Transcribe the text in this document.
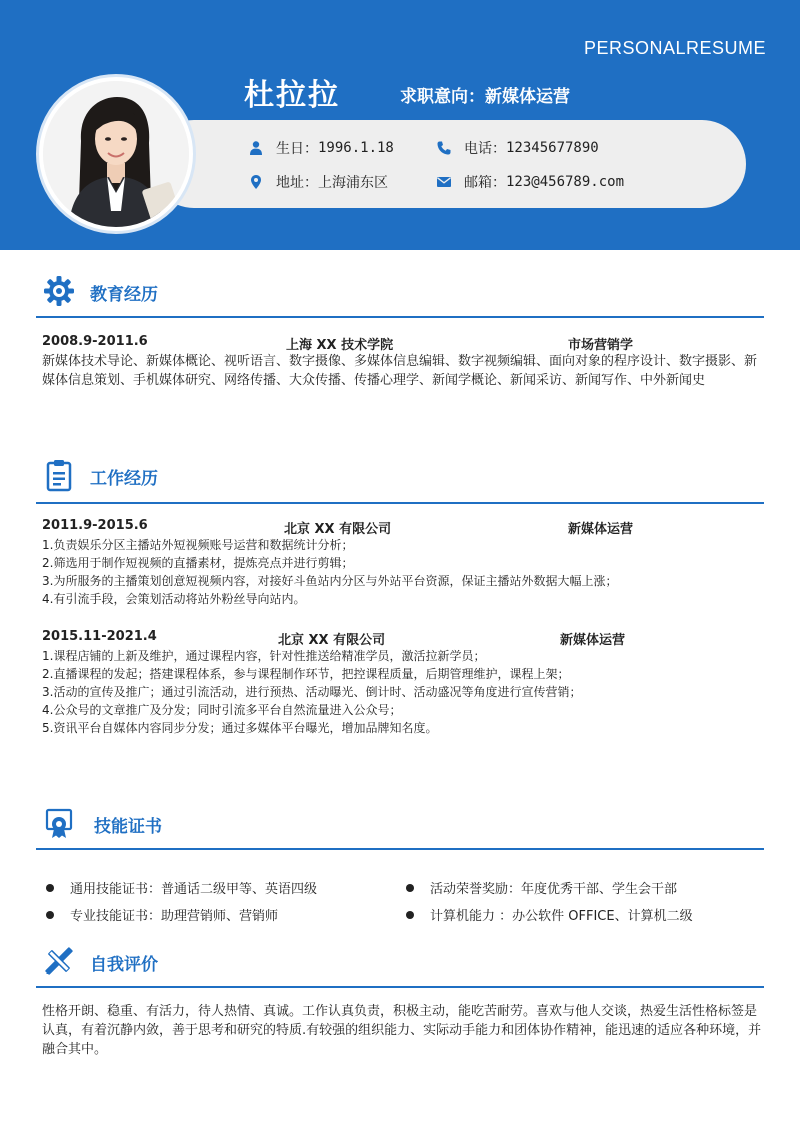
PERSONALRESUME
杜拉拉	求职意向：新媒体运营
生日： 1996.1.18	电话： 12345677890
地址： 上海浦东区	邮箱： 123@456789.com
教育经历
2008.9-2011.6	上海 XX 技术学院	市场营销学
新媒体技术导论、新媒体概论、视听语言、数字摄像、多媒体信息编辑、数字视频编辑、面向对象的程序设计、数字摄影、新媒体信息策划、手机媒体研究、网络传播、大众传播、传播心理学、新闻学概论、新闻采访、新闻写作、中外新闻史
工作经历
2011.9-2015.6	北京 XX 有限公司	新媒体运营
1.负责娱乐分区主播站外短视频账号运营和数据统计分析；
2.筛选用于制作短视频的直播素材，提炼亮点并进行剪辑；
3.为所服务的主播策划创意短视频内容，对接好斗鱼站内分区与外站平台资源，保证主播站外数据大幅上涨；
4.有引流手段，会策划活动将站外粉丝导向站内。
2015.11-2021.4	北京 XX 有限公司	新媒体运营
1.课程店铺的上新及维护，通过课程内容，针对性推送给精准学员，激活拉新学员；
2.直播课程的发起；搭建课程体系，参与课程制作环节，把控课程质量，后期管理维护，课程上架；
3.活动的宣传及推广；通过引流活动，进行预热、活动曝光、倒计时、活动盛况等角度进行宣传营销；
4.公众号的文章推广及分发；同时引流多平台自然流量进入公众号；
5.资讯平台自媒体内容同步分发；通过多媒体平台曝光，增加品牌知名度。
技能证书
通用技能证书：普通话二级甲等、英语四级	活动荣誉奖励：年度优秀干部、学生会干部
专业技能证书：助理营销师、营销师	计算机能力 ：办公软件 OFFICE、计算机二级
自我评价
性格开朗、稳重、有活力，待人热情、真诚。工作认真负责，积极主动，能吃苦耐劳。喜欢与他人交谈，热爱生活性格标签是认真，有着沉静内敛，善于思考和研究的特质.有较强的组织能力、实际动手能力和团体协作精神，能迅速的适应各种环境，并融合其中。
